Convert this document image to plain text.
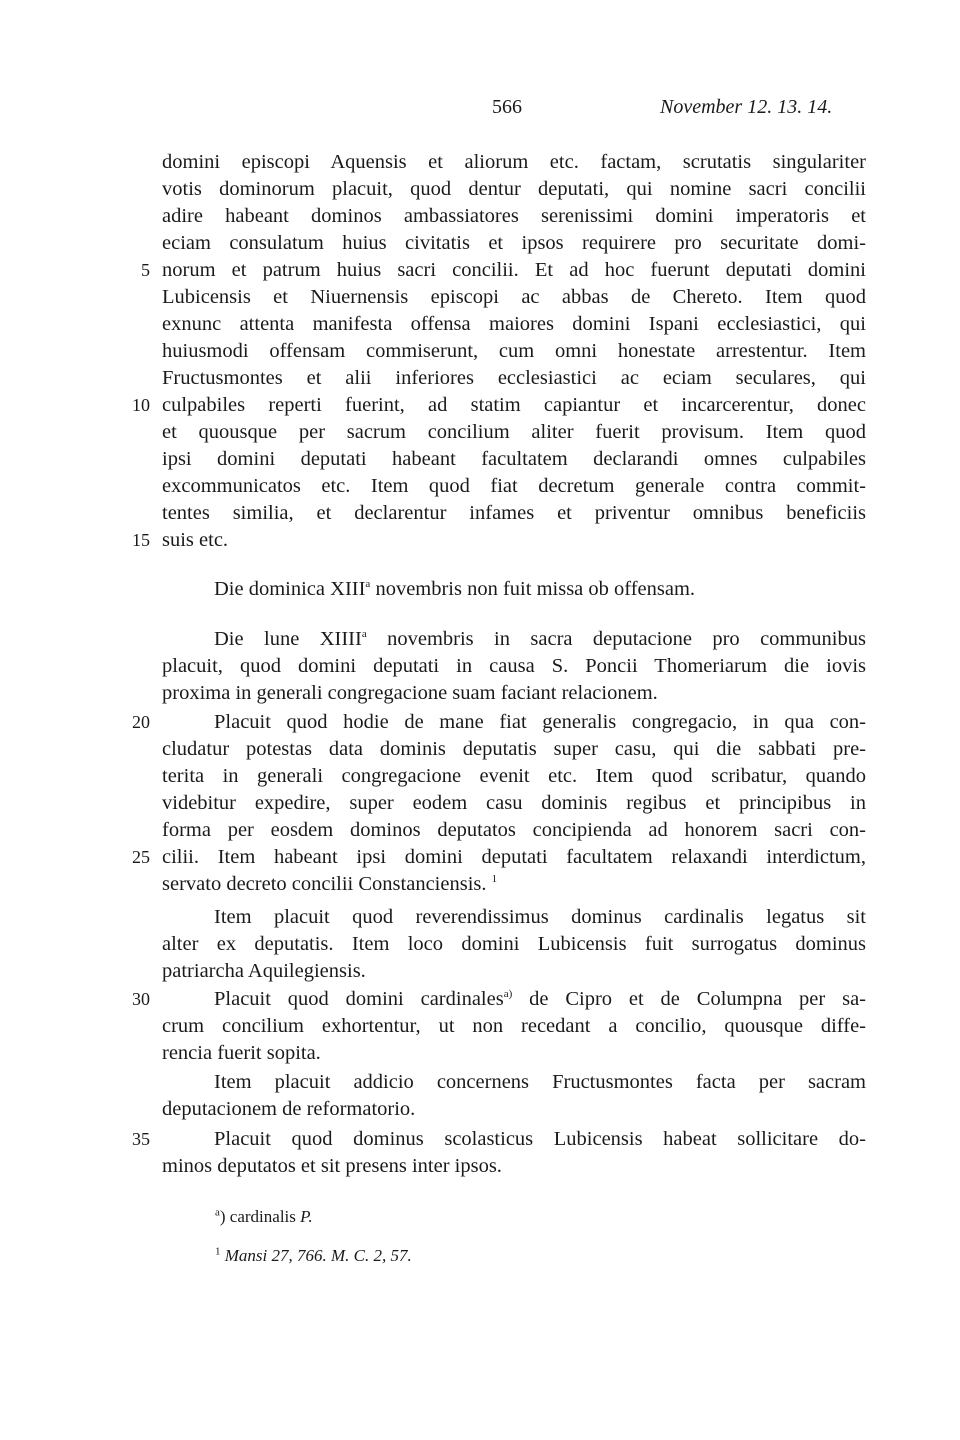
566	November 12. 13. 14.
domini episcopi Aquensis et aliorum etc. factam, scrutatis singulariter
votis dominorum placuit, quod dentur deputati, qui nomine sacri concilii
adire habeant dominos ambassiatores serenissimi domini imperatoris et
eciam consulatum huius civitatis et ipsos requirere pro securitate domi-
norum et patrum huius sacri concilii. Et ad hoc fuerunt deputati domini
Lubicensis et Niuernensis episcopi ac abbas de Chereto. Item quod
exnunc attenta manifesta offensa maiores domini Ispani ecclesiastici, qui
huiusmodi offensam commiserunt, cum omni honestate arrestentur. Item
Fructusmontes et alii inferiores ecclesiastici ac eciam seculares, qui
culpabiles reperti fuerint, ad statim capiantur et incarcerentur, donec
et quousque per sacrum concilium aliter fuerit provisum. Item quod
ipsi domini deputati habeant facultatem declarandi omnes culpabiles
excommunicatos etc. Item quod fiat decretum generale contra commit-
tentes similia, et declarentur infames et priventur omnibus beneficiis
suis etc.
Die dominica XIII$^a$ novembris non fuit missa ob offensam.
Die lune XIIII$^a$ novembris in sacra deputacione pro communibus
placuit, quod domini deputati in causa S. Poncii Thomeriarum die iovis
proxima in generali congregacione suam faciant relacionem.
Placuit quod hodie de mane fiat generalis congregacio, in qua con-
cludatur potestas data dominis deputatis super casu, qui die sabbati pre-
terita in generali congregacione evenit etc. Item quod scribatur, quando
videbitur expedire, super eodem casu dominis regibus et principibus in
forma per eosdem dominos deputatos concipienda ad honorem sacri con-
cilii. Item habeant ipsi domini deputati facultatem relaxandi interdictum,
servato decreto concilii Constanciensis. $^1$
Item placuit quod reverendissimus dominus cardinalis legatus sit
alter ex deputatis. Item loco domini Lubicensis fuit surrogatus dominus
patriarcha Aquilegiensis.
Placuit quod domini cardinales$^{a)}$ de Cipro et de Columpna per sa-
crum concilium exhortentur, ut non recedant a concilio, quousque diffe-
rencia fuerit sopita.
Item placuit addicio concernens Fructusmontes facta per sacram
deputacionem de reformatorio.
Placuit quod dominus scolasticus Lubicensis habeat sollicitare do-
minos deputatos et sit presens inter ipsos.
5
10
15
20
25
30
35
$^a$) cardinalis P.
$^1$ Mansi 27, 766. M. C. 2, 57.
